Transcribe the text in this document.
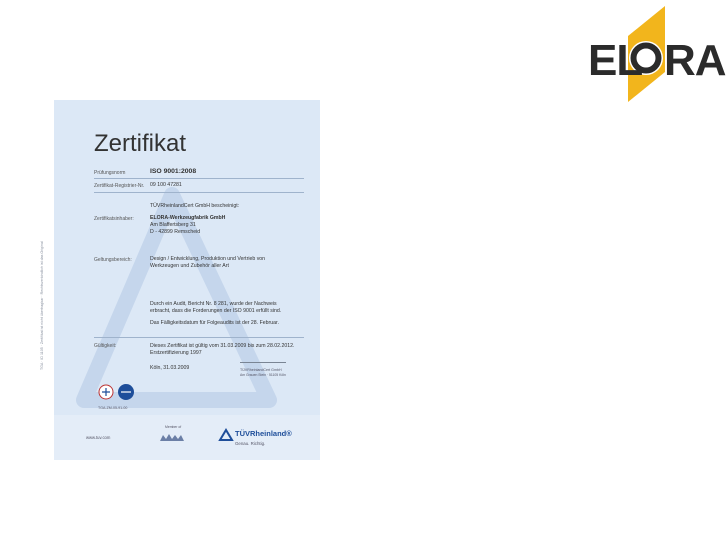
EL RA
TGA · ID 1105 · Zertifikat ist nicht übertragbar · Rechtsverbindlich ist das Original
Zertifikat
Prüfungsnorm	ISO 9001:2008
Zertifikat-Registrier-Nr. 09 100 47281
TÜVRheinlandCert GmbH bescheinigt:
Zertifikatsinhaber:	ELORA-Werkzeugfabrik GmbH
Am Blaffertsberg 31
D - 42899 Remscheid
Geltungsbereich:	Design / Entwicklung, Produktion und Vertrieb von
Werkzeugen und Zubehör aller Art
Durch ein Audit, Bericht Nr. 8 281, wurde der Nachweis
erbracht, dass die Forderungen der ISO 9001 erfüllt sind.
Das Fälligkeitsdatum für Folgeaudits ist der 28. Februar.
Gültigkeit:	Dieses Zertifikat ist gültig vom 31.03.2009 bis zum 28.02.2012.
Erstzertifizierung 1997
Köln, 31.03.2009	TÜVRheinlandCert GmbH
Am Grauen Stein · 51105 Köln
TGA-ZM-05-91-00
www.tuv.com
Member of
TÜVRheinland®
Genau. Richtig.
